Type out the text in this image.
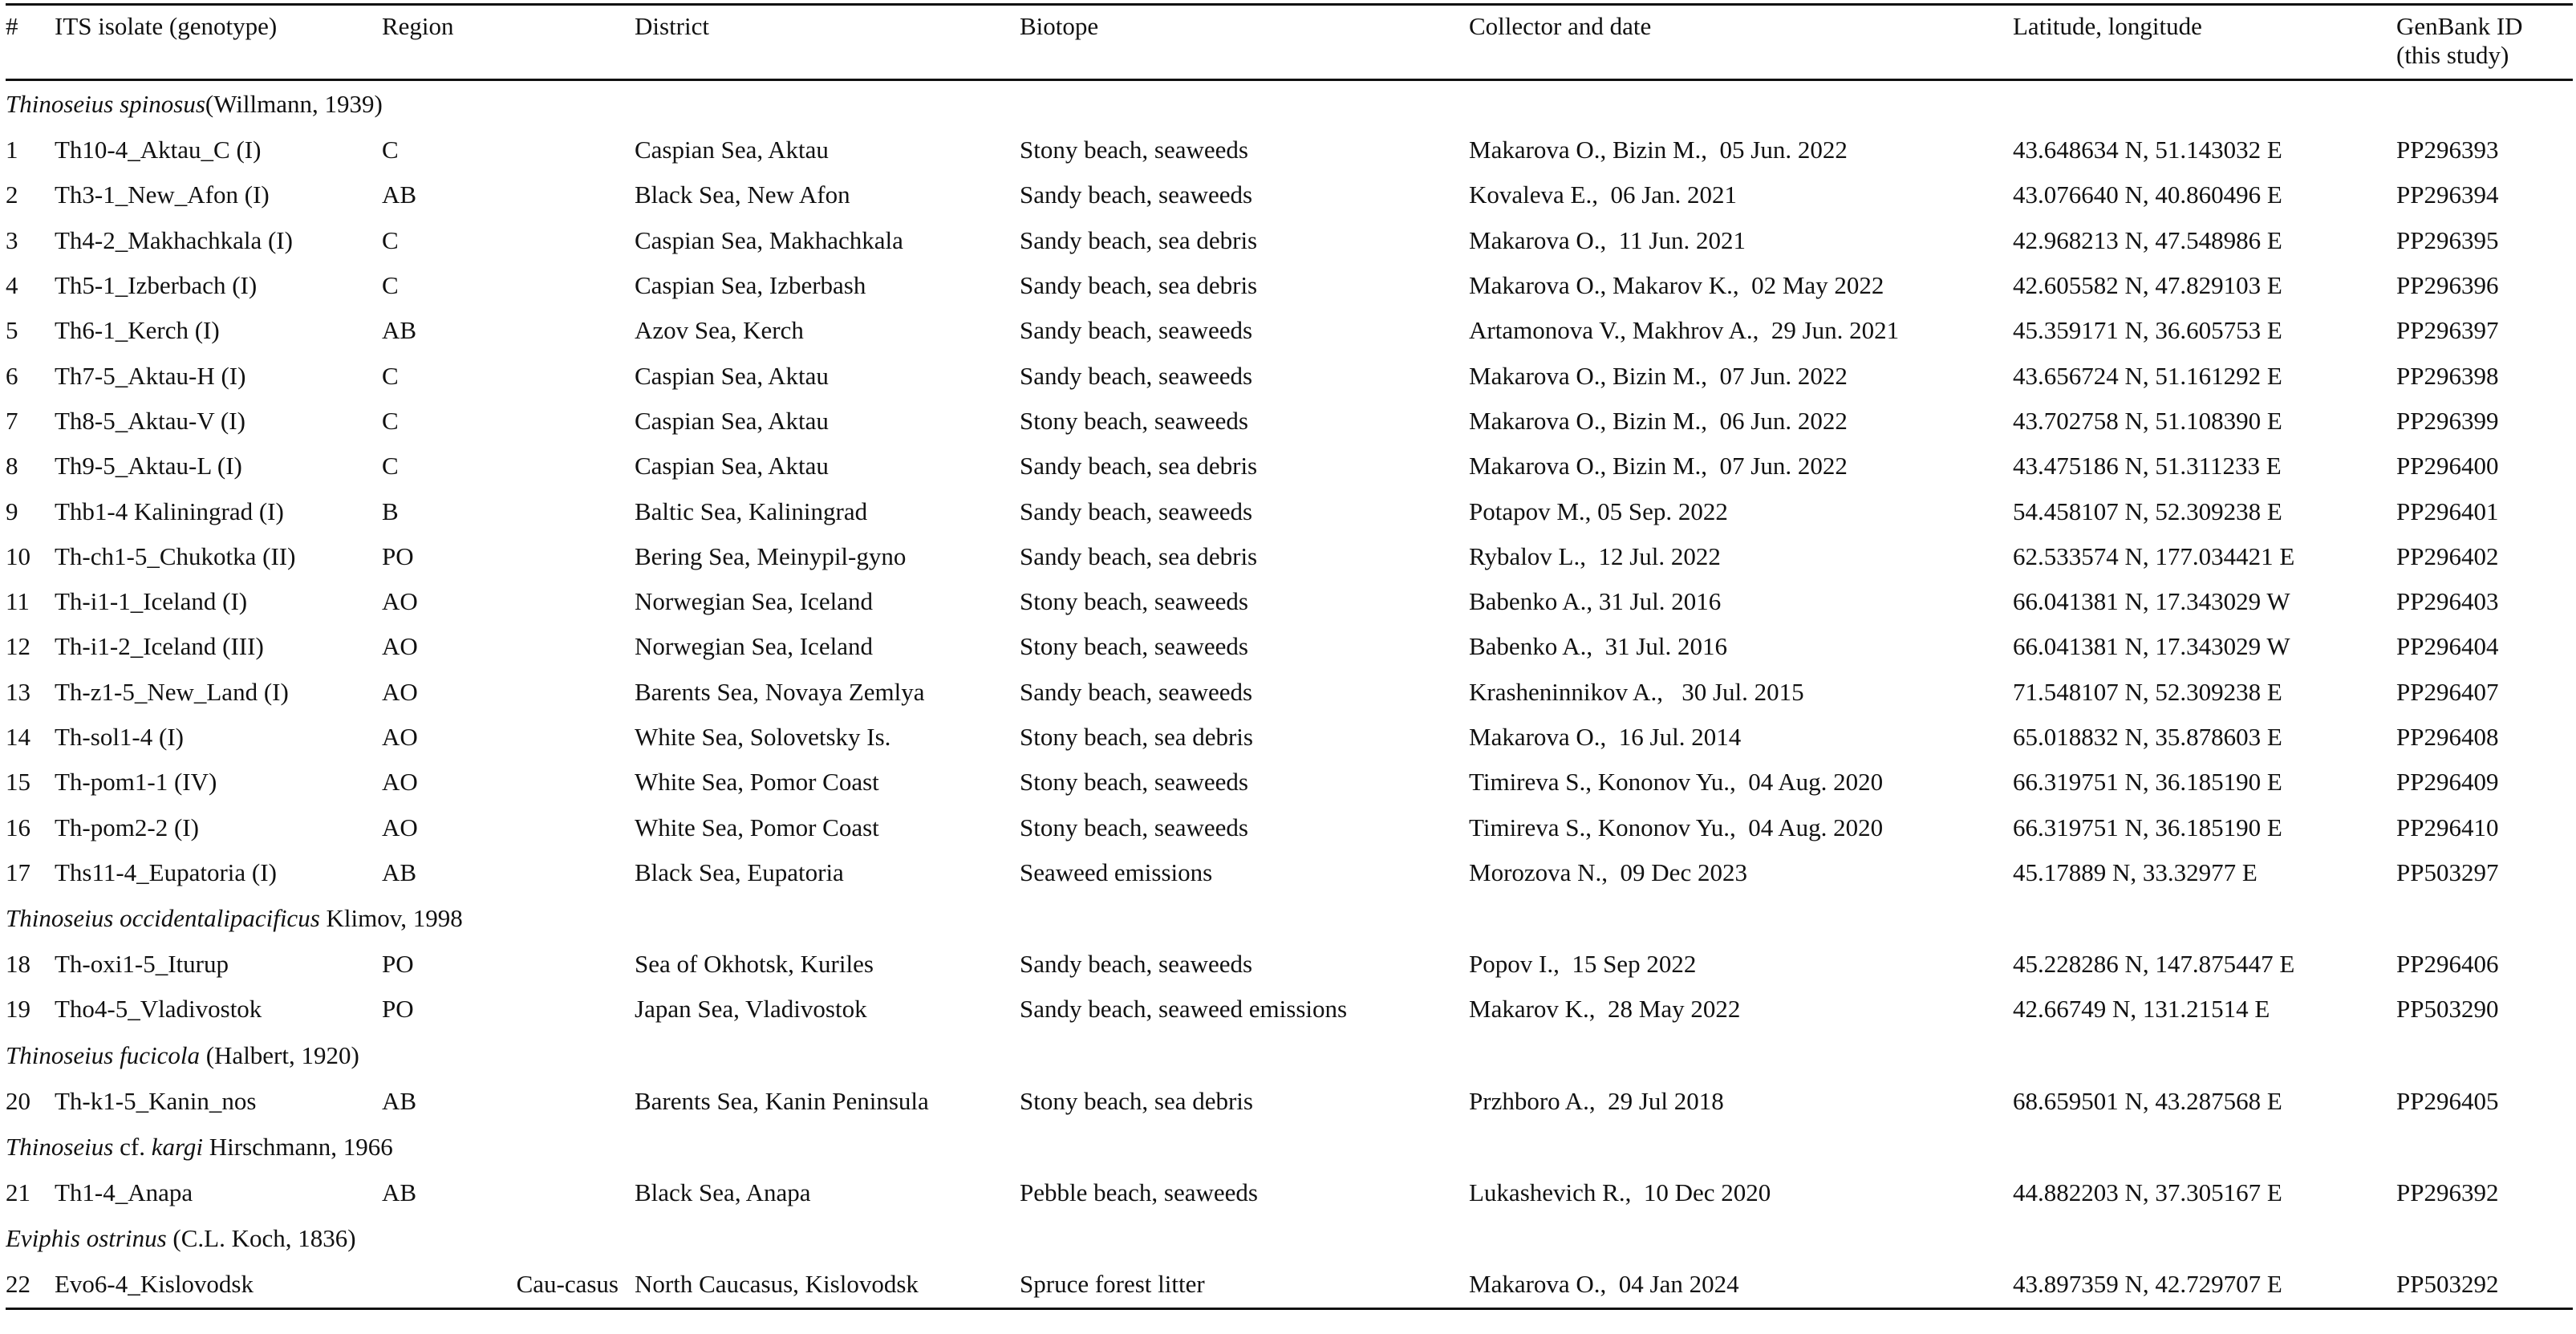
#	ITS isolate (genotype)	Region	District	Biotope	Collector and date	Latitude, longitude	GenBank ID
(this study)

Thinoseius spinosus(Willmann, 1939)							
1	Th10-4_Aktau_C (I)	C	Caspian Sea, Aktau	Stony beach, seaweeds	Makarova O., Bizin M.,  05 Jun. 2022	43.648634 N, 51.143032 E	PP296393
2	Th3-1_New_Afon (I)	AB	Black Sea, New Afon	Sandy beach, seaweeds	Kovaleva E.,  06 Jan. 2021	43.076640 N, 40.860496 E	PP296394
3	Th4-2_Makhachkala (I)	C	Caspian Sea, Makhachkala	Sandy beach, sea debris	Makarova O.,  11 Jun. 2021	42.968213 N, 47.548986 E	PP296395
4	Th5-1_Izberbach (I)	C	Caspian Sea, Izberbash	Sandy beach, sea debris	Makarova O., Makarov K.,  02 May 2022	42.605582 N, 47.829103 E	PP296396
5	Th6-1_Kerch (I)	AB	Azov Sea, Kerch	Sandy beach, seaweeds	Artamonova V., Makhrov A.,  29 Jun. 2021	45.359171 N, 36.605753 E	PP296397
6	Th7-5_Aktau-H (I)	C	Caspian Sea, Aktau	Sandy beach, seaweeds	Makarova O., Bizin M.,  07 Jun. 2022	43.656724 N, 51.161292 E	PP296398
7	Th8-5_Aktau-V (I)	C	Caspian Sea, Aktau	Stony beach, seaweeds	Makarova O., Bizin M.,  06 Jun. 2022	43.702758 N, 51.108390 E	PP296399
8	Th9-5_Aktau-L (I)	C	Caspian Sea, Aktau	Sandy beach, sea debris	Makarova O., Bizin M.,  07 Jun. 2022	43.475186 N, 51.311233 E	PP296400
9	Thb1-4 Kaliningrad (I)	B	Baltic Sea, Kaliningrad	Sandy beach, seaweeds	Potapov M., 05 Sep. 2022	54.458107 N, 52.309238 E	PP296401
10	Th-ch1-5_Chukotka (II)	PO	Bering Sea, Meinypil-gyno	Sandy beach, sea debris	Rybalov L.,  12 Jul. 2022	62.533574 N, 177.034421 E	PP296402
11	Th-i1-1_Iceland (I)	AO	Norwegian Sea, Iceland	Stony beach, seaweeds	Babenko A., 31 Jul. 2016	66.041381 N, 17.343029 W	PP296403
12	Th-i1-2_Iceland (III)	AO	Norwegian Sea, Iceland	Stony beach, seaweeds	Babenko A.,  31 Jul. 2016	66.041381 N, 17.343029 W	PP296404
13	Th-z1-5_New_Land (I)	AO	Barents Sea, Novaya Zemlya	Sandy beach, seaweeds	Krasheninnikov A.,   30 Jul. 2015	71.548107 N, 52.309238 E	PP296407
14	Th-sol1-4 (I)	AO	White Sea, Solovetsky Is.	Stony beach, sea debris	Makarova O.,  16 Jul. 2014	65.018832 N, 35.878603 E	PP296408
15	Th-pom1-1 (IV)	AO	White Sea, Pomor Coast	Stony beach, seaweeds	Timireva S., Kononov Yu.,  04 Aug. 2020	66.319751 N, 36.185190 E	PP296409
16	Th-pom2-2 (I)	AO	White Sea, Pomor Coast	Stony beach, seaweeds	Timireva S., Kononov Yu.,  04 Aug. 2020	66.319751 N, 36.185190 E	PP296410
17	Ths11-4_Eupatoria (I)	AB	Black Sea, Eupatoria	Seaweed emissions	Morozova N.,  09 Dec 2023	45.17889 N, 33.32977 E	PP503297
Thinoseius occidentalipacificus Klimov, 1998							
18	Th-oxi1-5_Iturup	PO	Sea of Okhotsk, Kuriles	Sandy beach, seaweeds	Popov I.,  15 Sep 2022	45.228286 N, 147.875447 E	PP296406
19	Tho4-5_Vladivostok	PO	Japan Sea, Vladivostok	Sandy beach, seaweed emissions	Makarov K.,  28 May 2022	42.66749 N, 131.21514 E	PP503290
Thinoseius fucicola (Halbert, 1920)							
20	Th-k1-5_Kanin_nos	AB	Barents Sea, Kanin Peninsula	Stony beach, sea debris	Przhboro A.,  29 Jul 2018	68.659501 N, 43.287568 E	PP296405
Thinoseius cf. kargi Hirschmann, 1966							
21	Th1-4_Anapa	AB	Black Sea, Anapa	Pebble beach, seaweeds	Lukashevich R.,  10 Dec 2020	44.882203 N, 37.305167 E	PP296392
Eviphis ostrinus (C.L. Koch, 1836)							
22	Evo6-4_Kislovodsk	Cau-casus	North Caucasus, Kislovodsk	Spruce forest litter	Makarova O.,  04 Jan 2024	43.897359 N, 42.729707 E	PP503292
